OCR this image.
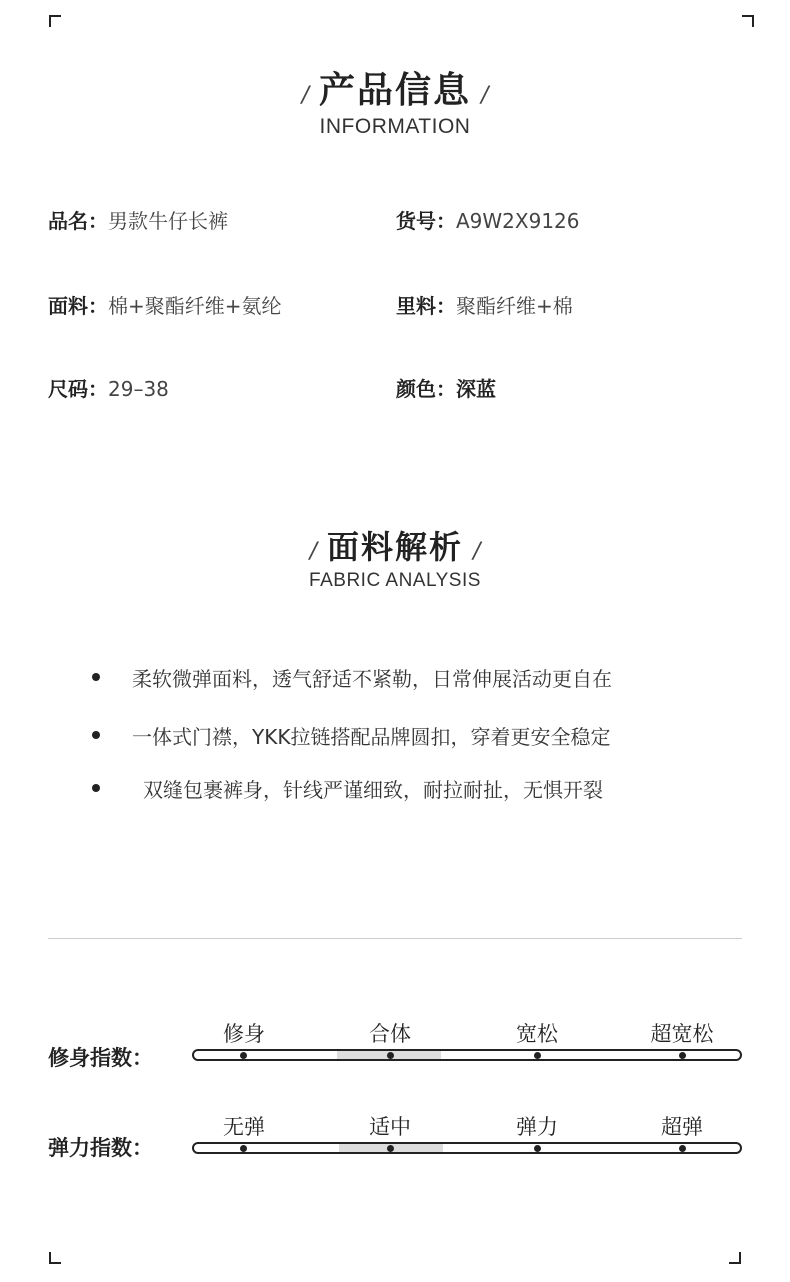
/ 产品信息 /
INFORMATION
品名：男款牛仔长裤	货号：A9W2X9126
面料：棉+聚酯纤维+氨纶	里料：聚酯纤维+棉
尺码：29–38	颜色：深蓝
/ 面料解析 /
FABRIC ANALYSIS
柔软微弹面料，透气舒适不紧勒，日常伸展活动更自在
一体式门襟，YKK拉链搭配品牌圆扣，穿着更安全稳定
双缝包裹裤身，针线严谨细致，耐拉耐扯，无惧开裂
修身指数：
修身	合体	宽松	超宽松
弹力指数：
无弹	适中	弹力	超弹
